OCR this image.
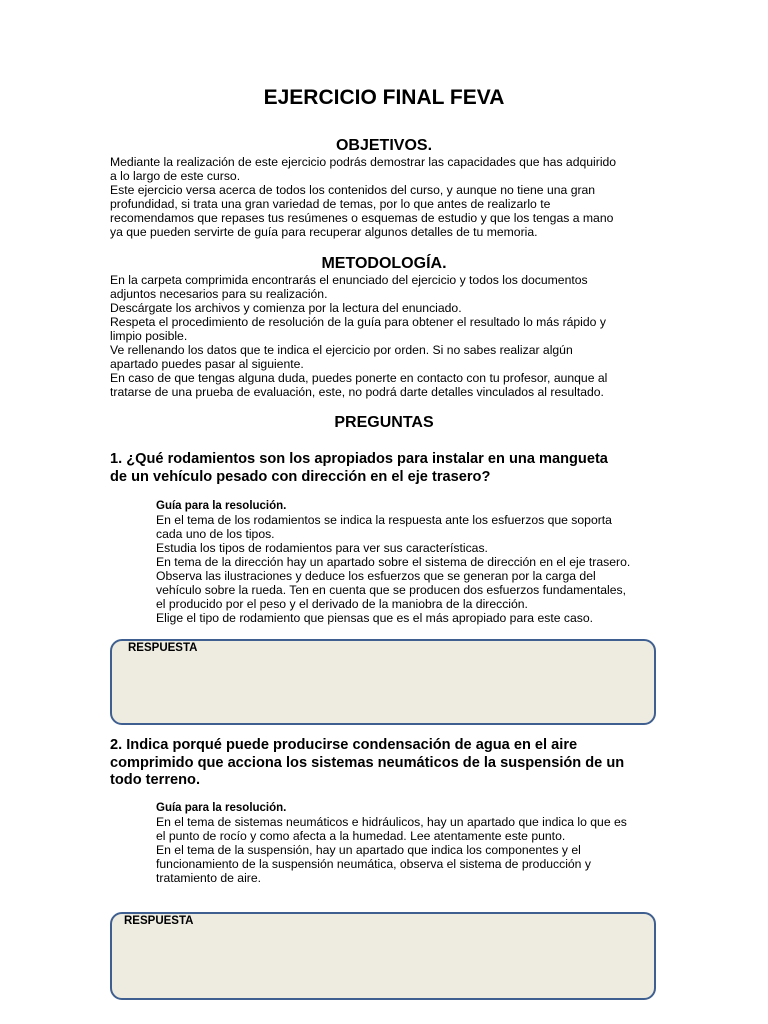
EJERCICIO FINAL FEVA
OBJETIVOS.
Mediante la realización de este ejercicio podrás demostrar las capacidades que has adquirido
a lo largo de este curso.
Este ejercicio versa acerca de todos los contenidos del curso, y aunque no tiene una gran
profundidad, si trata una gran variedad de temas, por lo que antes de realizarlo te
recomendamos que repases tus resúmenes o esquemas de estudio y que los tengas a mano
ya que pueden servirte de guía para recuperar algunos detalles de tu memoria.
METODOLOGÍA.
En la carpeta comprimida encontrarás el enunciado del ejercicio y todos los documentos
adjuntos necesarios para su realización.
Descárgate los archivos y comienza por la lectura del enunciado.
Respeta el procedimiento de resolución de la guía para obtener el resultado lo más rápido y
limpio posible.
Ve rellenando los datos que te indica el ejercicio por orden. Si no sabes realizar algún
apartado puedes pasar al siguiente.
En caso de que tengas alguna duda, puedes ponerte en contacto con tu profesor, aunque al
tratarse de una prueba de evaluación, este, no podrá darte detalles vinculados al resultado.
PREGUNTAS
1. ¿Qué rodamientos son los apropiados para instalar en una mangueta
de un vehículo pesado con dirección en el eje trasero?
Guía para la resolución.
En el tema de los rodamientos se indica la respuesta ante los esfuerzos que soporta
cada uno de los tipos.
Estudia los tipos de rodamientos para ver sus características.
En tema de la dirección hay un apartado sobre el sistema de dirección en el eje trasero.
Observa las ilustraciones y deduce los esfuerzos que se generan por la carga del
vehículo sobre la rueda. Ten en cuenta que se producen dos esfuerzos fundamentales,
el producido por el peso y el derivado de la maniobra de la dirección.
Elige el tipo de rodamiento que piensas que es el más apropiado para este caso.
RESPUESTA
2. Indica porqué puede producirse condensación de agua en el aire
comprimido que acciona los sistemas neumáticos de la suspensión de un
todo terreno.
Guía para la resolución.
En el tema de sistemas neumáticos e hidráulicos, hay un apartado que indica lo que es
el punto de rocío y como afecta a la humedad. Lee atentamente este punto.
En el tema de la suspensión, hay un apartado que indica los componentes y el
funcionamiento de la suspensión neumática, observa el sistema de producción y
tratamiento de aire.
RESPUESTA
